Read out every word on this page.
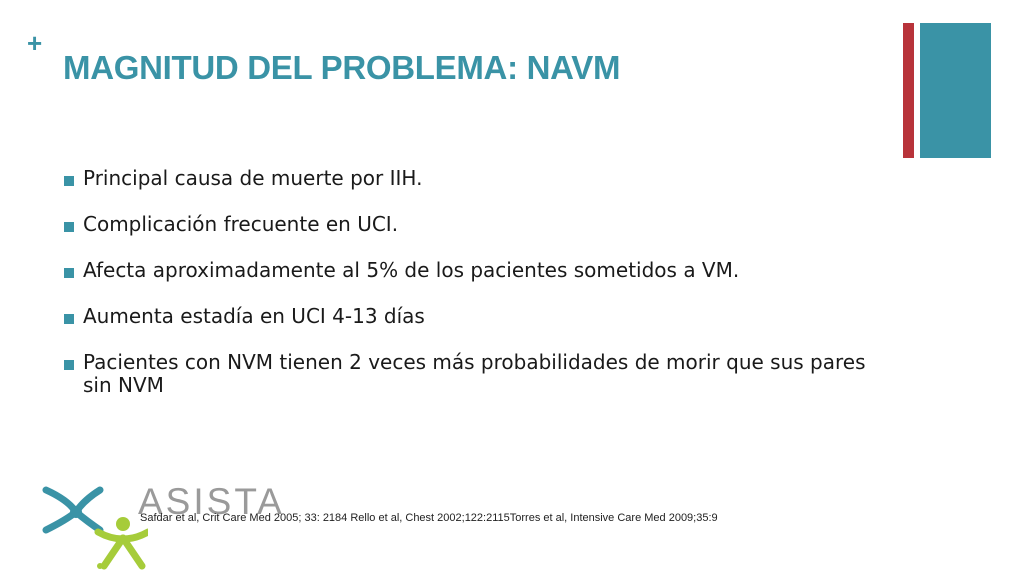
+
MAGNITUD DEL PROBLEMA: NAVM
Principal causa de muerte por IIH.
Complicación frecuente en UCI.
Afecta aproximadamente al 5% de los pacientes sometidos a VM.
Aumenta estadía en UCI 4-13 días
Pacientes con NVM tienen 2 veces más probabilidades de morir que sus pares sin NVM
ASISTA
Safdar et al, Crit Care Med 2005; 33: 2184 Rello et al, Chest 2002;122:2115Torres et al, Intensive Care Med 2009;35:9
